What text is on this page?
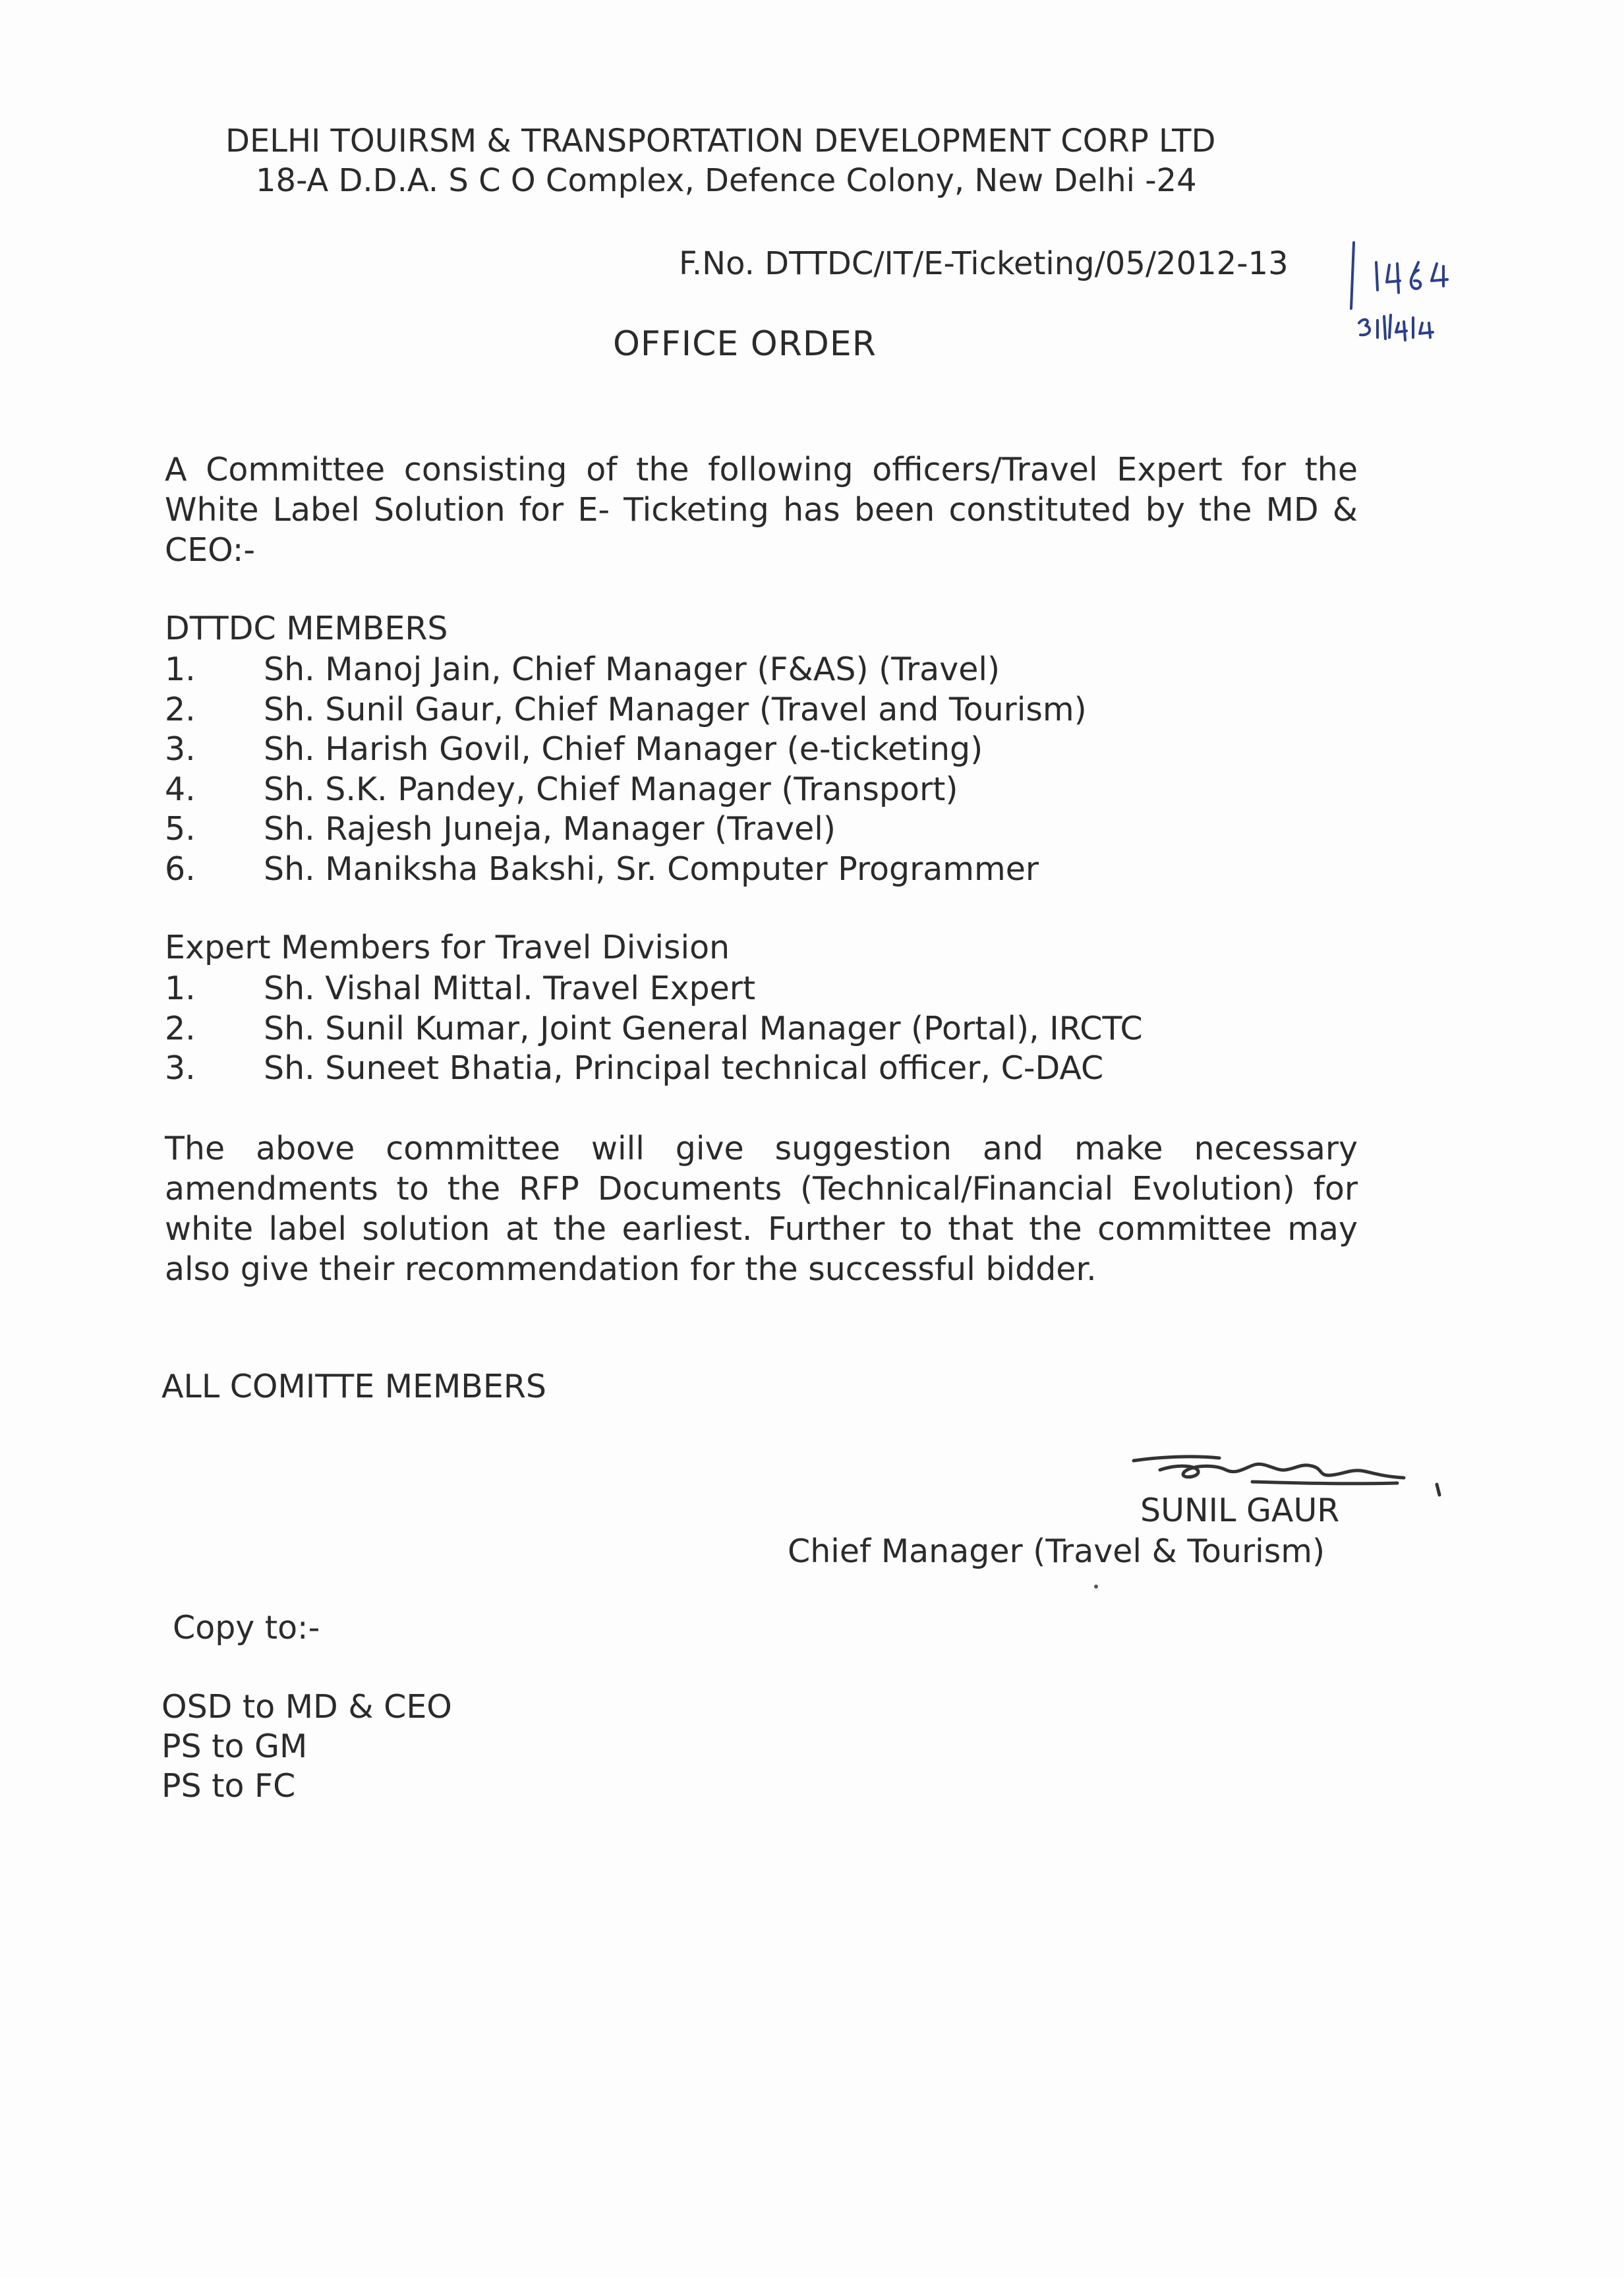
DELHI TOUIRSM & TRANSPORTATION DEVELOPMENT CORP LTD
18-A D.D.A. S C O Complex, Defence Colony, New Delhi -24
F.No. DTTDC/IT/E-Ticketing/05/2012-13
OFFICE ORDER
A Committee consisting of the following officers/Travel Expert for the White Label Solution for E- Ticketing has been constituted by the MD & CEO:-
DTTDC MEMBERS
1. Sh. Manoj Jain, Chief Manager (F&AS) (Travel)
2. Sh. Sunil Gaur, Chief Manager (Travel and Tourism)
3. Sh. Harish Govil, Chief Manager (e-ticketing)
4. Sh. S.K. Pandey, Chief Manager (Transport)
5. Sh. Rajesh Juneja, Manager (Travel)
6. Sh. Maniksha Bakshi, Sr. Computer Programmer
Expert Members for Travel Division
1. Sh. Vishal Mittal. Travel Expert
2. Sh. Sunil Kumar, Joint General Manager (Portal), IRCTC
3. Sh. Suneet Bhatia, Principal technical officer, C-DAC
The above committee will give suggestion and make necessary amendments to the RFP Documents (Technical/Financial Evolution) for white label solution at the earliest. Further to that the committee may also give their recommendation for the successful bidder.
ALL COMITTE MEMBERS
SUNIL GAUR
Chief Manager (Travel & Tourism)
Copy to:-
OSD to MD & CEO
PS to GM
PS to FC
